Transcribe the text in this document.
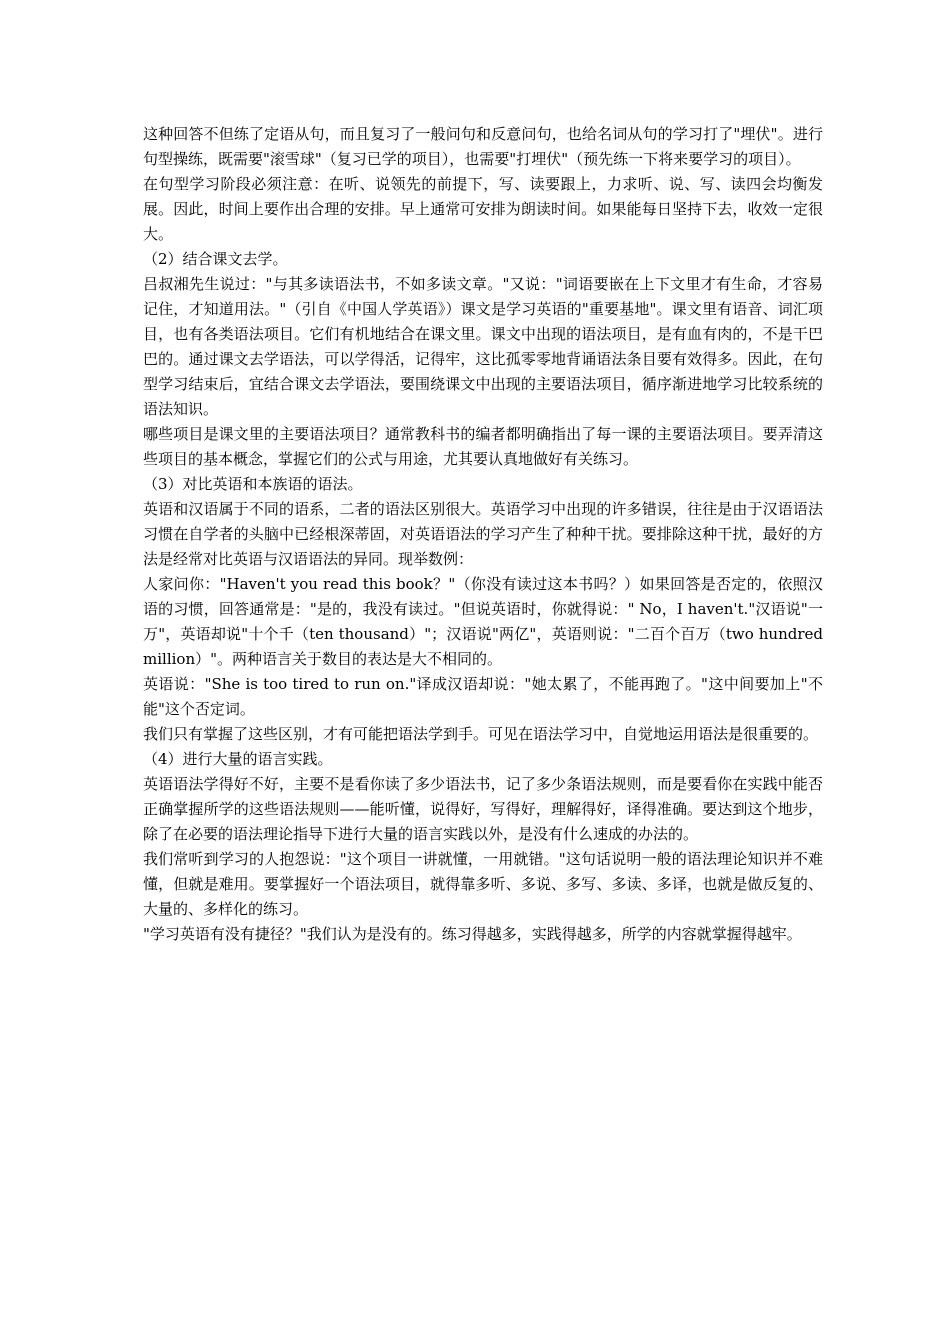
这种回答不但练了定语从句，而且复习了一般问句和反意问句，也给名词从句的学习打了"埋伏"。进行句型操练，既需要"滚雪球"（复习已学的项目），也需要"打埋伏"（预先练一下将来要学习的项目）。

在句型学习阶段必须注意：在听、说领先的前提下，写、读要跟上，力求听、说、写、读四会均衡发展。因此，时间上要作出合理的安排。早上通常可安排为朗读时间。如果能每日坚持下去，收效一定很大。

（2）结合课文去学。

吕叔湘先生说过："与其多读语法书，不如多读文章。"又说："词语要嵌在上下文里才有生命，才容易记住，才知道用法。"（引自《中国人学英语》）课文是学习英语的"重要基地"。课文里有语音、词汇项目，也有各类语法项目。它们有机地结合在课文里。课文中出现的语法项目，是有血有肉的，不是干巴巴的。通过课文去学语法，可以学得活，记得牢，这比孤零零地背诵语法条目要有效得多。因此，在句型学习结束后，宜结合课文去学语法，要围绕课文中出现的主要语法项目，循序渐进地学习比较系统的语法知识。

哪些项目是课文里的主要语法项目？通常教科书的编者都明确指出了每一课的主要语法项目。要弄清这些项目的基本概念，掌握它们的公式与用途，尤其要认真地做好有关练习。

（3）对比英语和本族语的语法。

英语和汉语属于不同的语系，二者的语法区别很大。英语学习中出现的许多错误，往往是由于汉语语法习惯在自学者的头脑中已经根深蒂固，对英语语法的学习产生了种种干扰。要排除这种干扰，最好的方法是经常对比英语与汉语语法的异同。现举数例：

人家问你："Haven't you read this book？"（你没有读过这本书吗？）如果回答是否定的，依照汉语的习惯，回答通常是："是的，我没有读过。"但说英语时，你就得说：" No，I haven't."汉语说"一万"，英语却说"十个千（ten thousand）"；汉语说"两亿"，英语则说："二百个百万（two hundred million）"。两种语言关于数目的表达是大不相同的。

英语说："She is too tired to run on."译成汉语却说："她太累了，不能再跑了。"这中间要加上"不能"这个否定词。

我们只有掌握了这些区别，才有可能把语法学到手。可见在语法学习中，自觉地运用语法是很重要的。

（4）进行大量的语言实践。

英语语法学得好不好，主要不是看你读了多少语法书，记了多少条语法规则，而是要看你在实践中能否正确掌握所学的这些语法规则——能听懂，说得好，写得好，理解得好，译得准确。要达到这个地步，除了在必要的语法理论指导下进行大量的语言实践以外，是没有什么速成的办法的。

我们常听到学习的人抱怨说："这个项目一讲就懂，一用就错。"这句话说明一般的语法理论知识并不难懂，但就是难用。要掌握好一个语法项目，就得靠多听、多说、多写、多读、多译，也就是做反复的、大量的、多样化的练习。

"学习英语有没有捷径？"我们认为是没有的。练习得越多，实践得越多，所学的内容就掌握得越牢。
